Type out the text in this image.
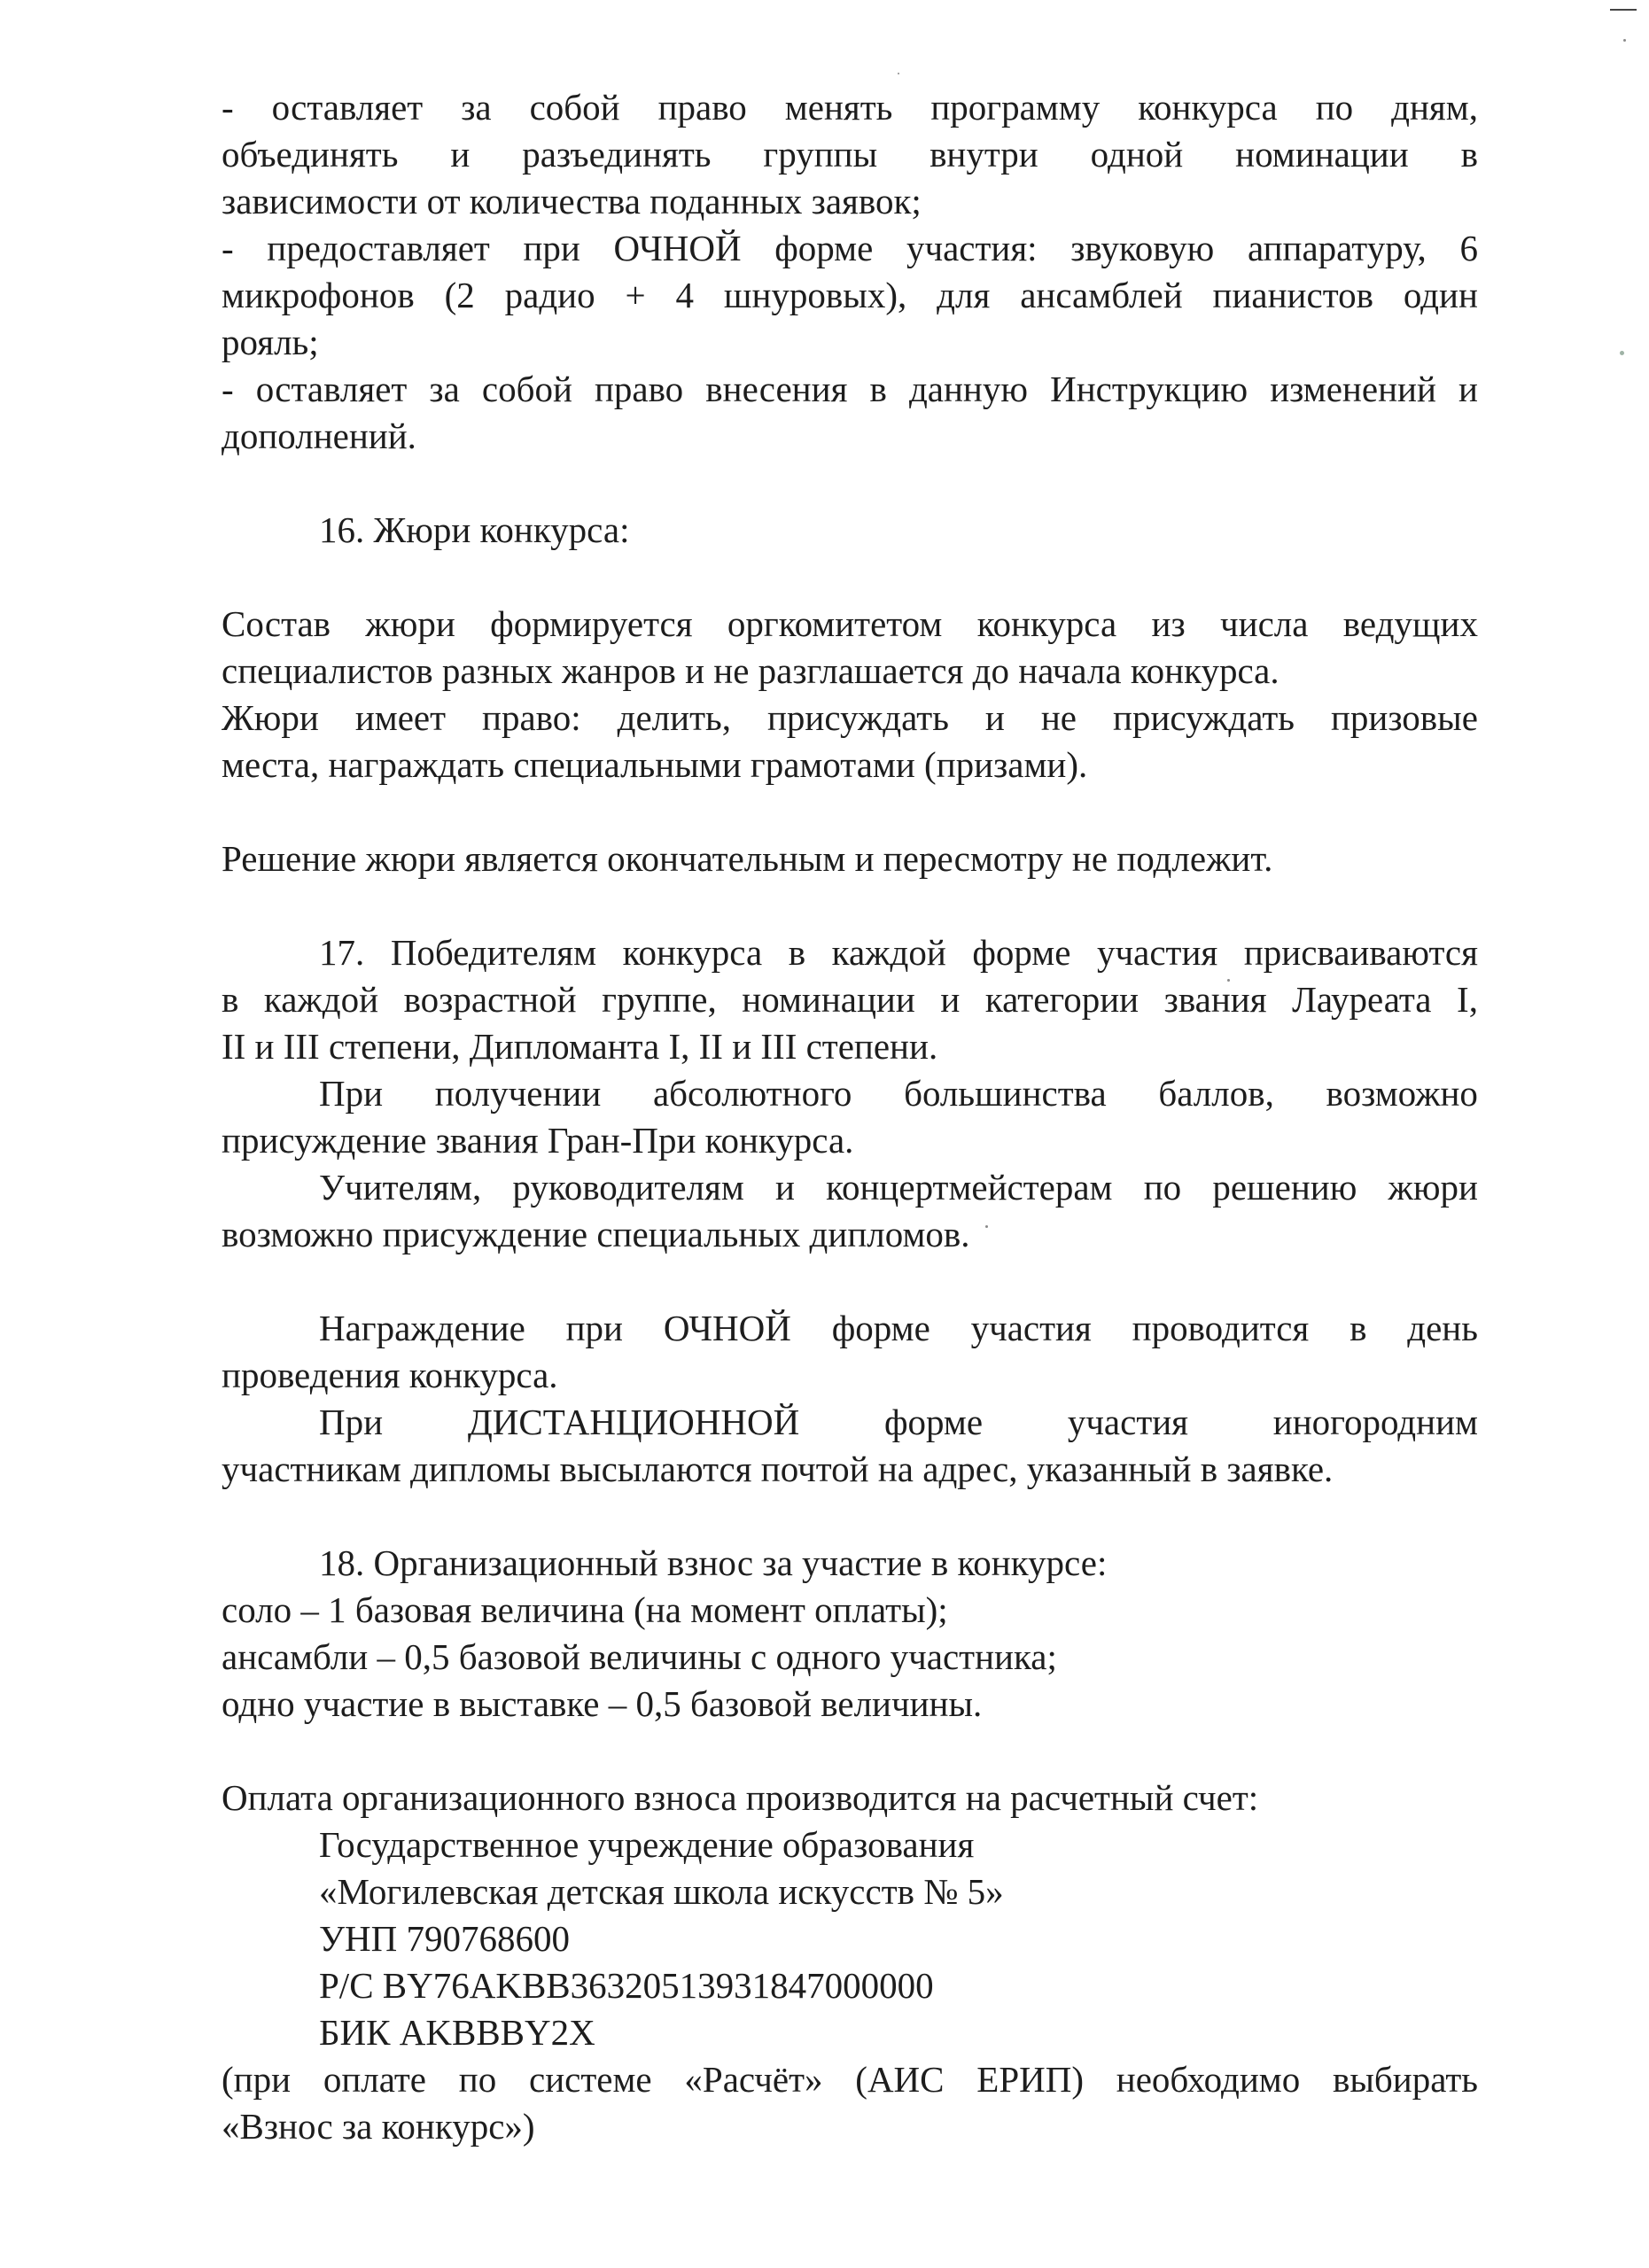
- оставляет за собой право менять программу конкурса по дням,
объединять и разъединять группы внутри одной номинации в
зависимости от количества поданных заявок;
- предоставляет при ОЧНОЙ форме участия: звуковую аппаратуру, 6
микрофонов (2 радио + 4 шнуровых), для ансамблей пианистов один
рояль;
- оставляет за собой право внесения в данную Инструкцию изменений и
дополнений.
16. Жюри конкурса:
Состав жюри формируется оргкомитетом конкурса из числа ведущих
специалистов разных жанров и не разглашается до начала конкурса.
Жюри имеет право: делить, присуждать и не присуждать призовые
места, награждать специальными грамотами (призами).
Решение жюри является окончательным и пересмотру не подлежит.
17. Победителям конкурса в каждой форме участия присваиваются
в каждой возрастной группе, номинации и категории звания Лауреата I,
II и III степени, Дипломанта I, II и III степени.
При получении абсолютного большинства баллов, возможно
присуждение звания Гран-При конкурса.
Учителям, руководителям и концертмейстерам по решению жюри
возможно присуждение специальных дипломов.
Награждение при ОЧНОЙ форме участия проводится в день
проведения конкурса.
При ДИСТАНЦИОННОЙ форме участия иногородним
участникам дипломы высылаются почтой на адрес, указанный в заявке.
18. Организационный взнос за участие в конкурсе:
соло – 1 базовая величина (на момент оплаты);
ансамбли – 0,5 базовой величины с одного участника;
одно участие в выставке – 0,5 базовой величины.
Оплата организационного взноса производится на расчетный счет:
Государственное учреждение образования
«Могилевская детская школа искусств № 5»
УНП 790768600
Р/С BY76AKBB36320513931847000000
БИК AKBBBY2X
(при оплате по системе «Расчёт» (АИС ЕРИП) необходимо выбирать
«Взнос за конкурс»)
